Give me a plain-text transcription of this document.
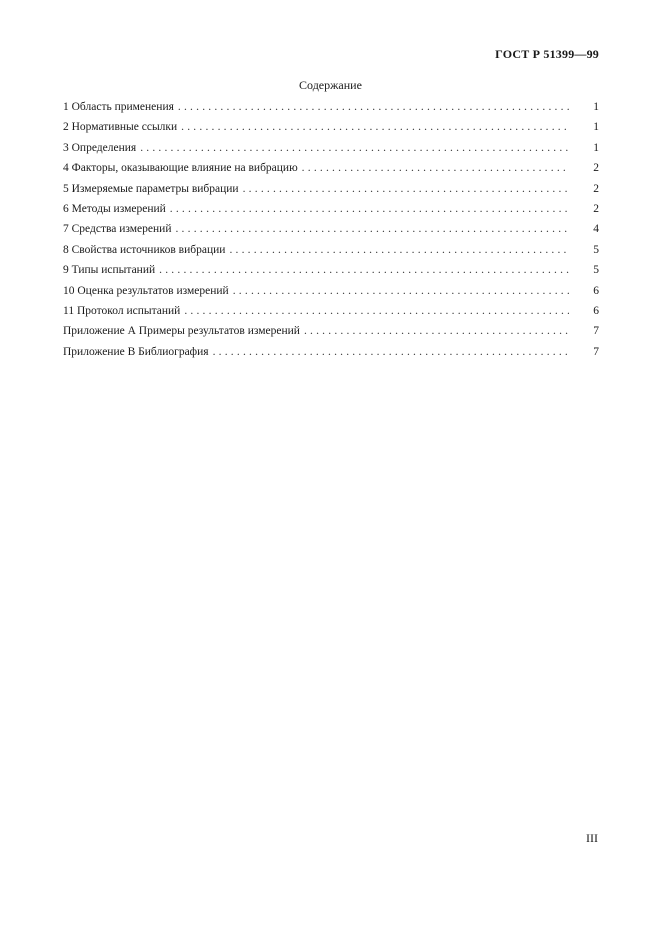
ГОСТ Р 51399—99
Содержание
1 Область применения .....	1
2 Нормативные ссылки .....	1
3 Определения .....	1
4 Факторы, оказывающие влияние на вибрацию .....	2
5 Измеряемые параметры вибрации .....	2
6 Методы измерений .....	2
7 Средства измерений .....	4
8 Свойства источников вибрации .....	5
9 Типы испытаний .....	5
10 Оценка результатов измерений .....	6
11 Протокол испытаний .....	6
Приложение А Примеры результатов измерений .....	7
Приложение В Библиография .....	7
III
